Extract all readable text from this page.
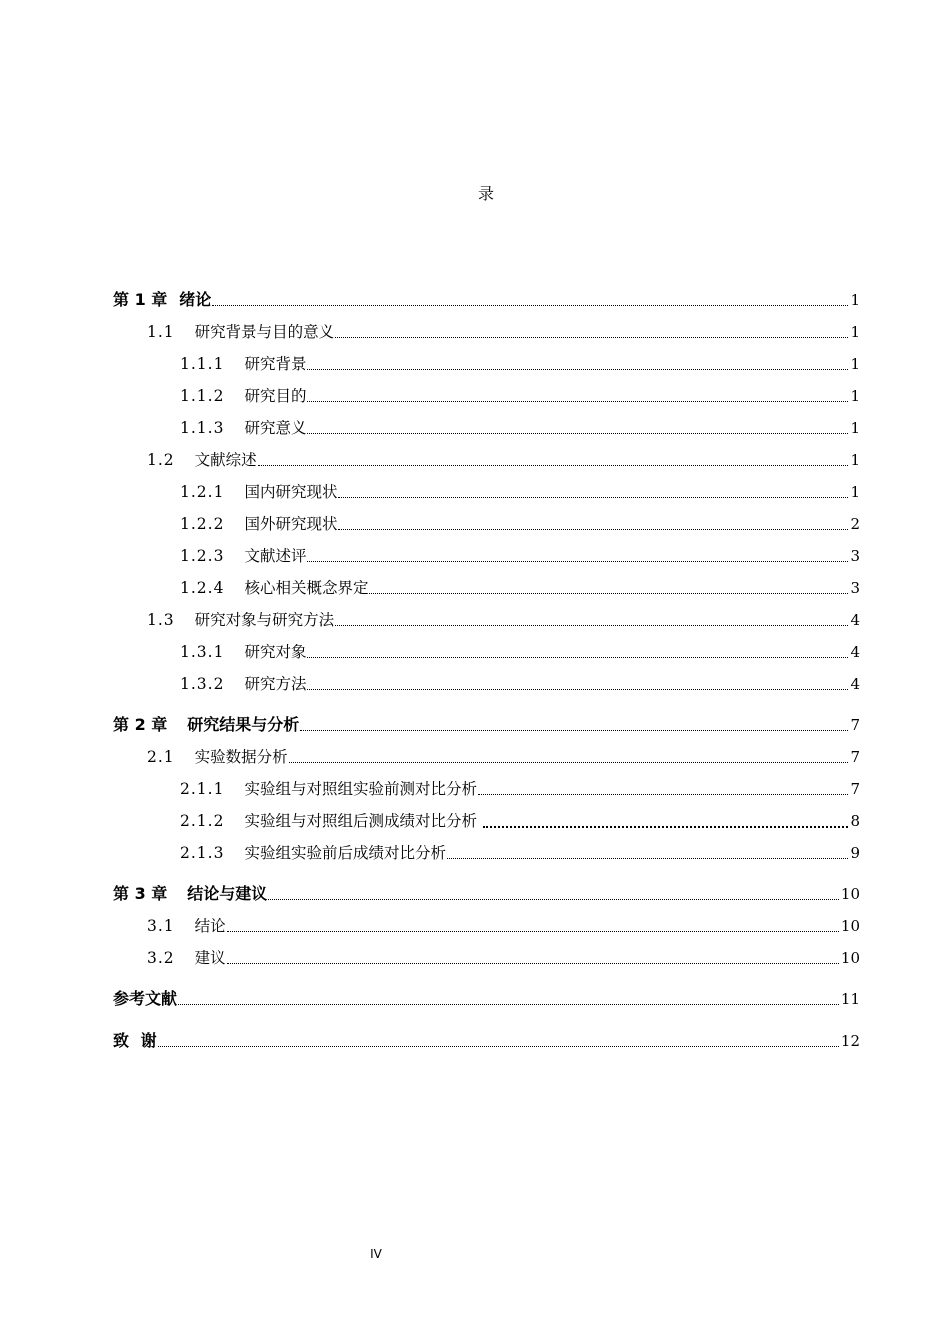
录
第 1 章 绪论	1
1.1 研究背景与目的意义	1
1.1.1 研究背景	1
1.1.2 研究目的	1
1.1.3 研究意义	1
1.2 文献综述	1
1.2.1 国内研究现状	1
1.2.2 国外研究现状	2
1.2.3 文献述评	3
1.2.4 核心相关概念界定	3
1.3 研究对象与研究方法	4
1.3.1 研究对象	4
1.3.2 研究方法	4
第 2 章 研究结果与分析	7
2.1 实验数据分析	7
2.1.1 实验组与对照组实验前测对比分析	7
2.1.2 实验组与对照组后测成绩对比分析	8
2.1.3 实验组实验前后成绩对比分析	9
第 3 章 结论与建议	10
3.1 结论	10
3.2 建议	10
参考文献	11
致 谢	12
IV
